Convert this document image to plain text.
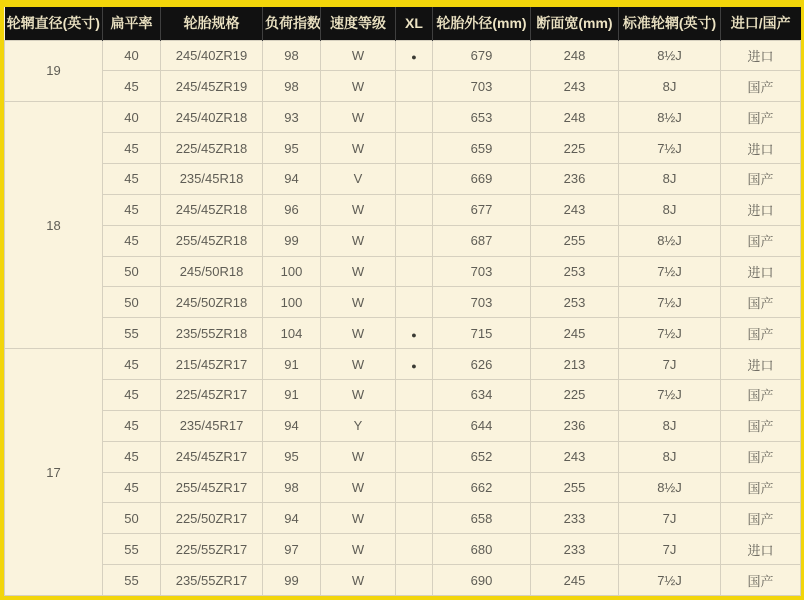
轮辋直径(英寸)	扁平率	轮胎规格	负荷指数	速度等级	XL	轮胎外径(mm)	断面宽(mm)	标准轮辋(英寸)	进口/国产
19	40	245/40ZR19	98	W	●	679	248	8½J	进口
	45	245/45ZR19	98	W		703	243	8J	国产
18	40	245/40ZR18	93	W		653	248	8½J	国产
	45	225/45ZR18	95	W		659	225	7½J	进口
	45	235/45R18	94	V		669	236	8J	国产
	45	245/45ZR18	96	W		677	243	8J	进口
	45	255/45ZR18	99	W		687	255	8½J	国产
	50	245/50R18	100	W		703	253	7½J	进口
	50	245/50ZR18	100	W		703	253	7½J	国产
	55	235/55ZR18	104	W	●	715	245	7½J	国产
17	45	215/45ZR17	91	W	●	626	213	7J	进口
	45	225/45ZR17	91	W		634	225	7½J	国产
	45	235/45R17	94	Y		644	236	8J	国产
	45	245/45ZR17	95	W		652	243	8J	国产
	45	255/45ZR17	98	W		662	255	8½J	国产
	50	225/50ZR17	94	W		658	233	7J	国产
	55	225/55ZR17	97	W		680	233	7J	进口
	55	235/55ZR17	99	W		690	245	7½J	国产
